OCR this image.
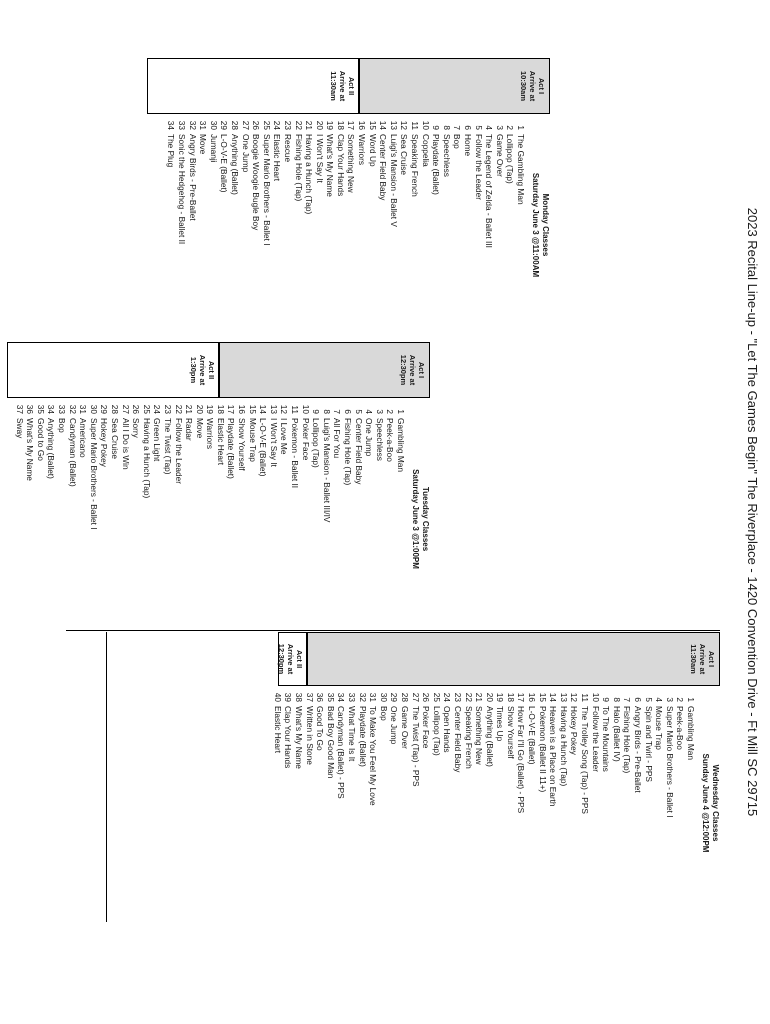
2023 Recital Line-up - "Let The Games Begin" The Riverplace - 1420 Convention Drive - Ft Mill SC 29715
Act I
Arrive at
10:30am
Act II
Arrive at
11:30am
Monday Classes
Saturday June 3 @11:00AM
1The Gambling Man
2Lollipop (Tap)
3Game Over
4The Legend of Zelda - Ballet III
5Follow the Leader
6Home
7Bop
8Speechless
9Playdate (Ballet)
10Coppelia
11Speaking French
12Sea Cruise
13Luigi's Mansion - Ballet V
14Center Field Baby
15Word Up
16Warriors
17Something New
18Clap Your Hands
19What's My Name
20I Won't Say It
21Having a Hunch (Tap)
22Fishing Hole (Tap)
23Rescue
24Elastic Heart
25Super Mario Brothers - Ballet I
26Boogie Woogie Bugle Boy
27One Jump
28Anything (Ballet)
29L-O-V-E (Ballet)
30Jumanji
31Move
32Angry Birds - Pre-Ballet
33Sonic the Hedgehog - Ballet II
34The Plug
Act I
Arrive at
12:30pm
Act II
Arrive at
1:30pm
Tuesday Classes
Saturday June 3 @1:00PM
1Gambling Man
2Peek-a-Boo
3Speechless
4One Jump
5Center Field Baby
6Fishing Hole (Tap)
7All For You
8Luigi's Mansion - Ballet III/IV
9Lollipop (Tap)
10Poker Face
11Pokemon - Ballet II
12I Love Me
13I Won't Say It
14L-O-V-E (Ballet)
15Mouse Trap
16Show Yourself
17Playdate (Ballet)
18Elastic Heart
19Warriors
20Move
21Radar
22Follow the Leader
23The Twist (Tap)
24Green Light
25Having a Hunch (Tap)
26Sorry
27All I Do is Win
28Sea Cruise
29Hokey Pokey
30Super Mario Brothers - Ballet I
31Americano
32Candyman (Ballet)
33Bop
34Anything (Ballet)
35Good to Go
36What's My Name
37Sway
Act I
Arrive at
11:30am
Act II
Arrive at
12:30pm
Wednesday Classes
Sunday June 4 @12:00PM
1Gambling Man
2Peek-a-Boo
3Super Mario Brothers - Ballet I
4Mouse Trap
5Spin and Twirl - PPS
6Angry Birds - Pre-Ballet
7Fishing Hole (Tap)
8Halo (Ballet IV)
9To The Mountains
10Follow the Leader
11The Trolley Song (Tap) - PPS
12Hokey Pokey
13Having a Hunch (Tap)
14Heaven is a Place on Earth
15Pokemon (Ballet II 11+)
16L-O-V-E (Ballet)
17How Far I'll Go (Ballet) - PPS
18Show Yourself
19Times Up
20Anything (Ballet)
21Something New
22Speaking French
23Center Field Baby
24Open Hands
25Lollipop (Tap)
26Poker Face
27The Twist (Tap) - PPS
28Game Over
29One Jump
30Bop
31To Make You Feel My Love
32Playdate (Ballet)
33What Time Is It
34Candyman (Ballet) - PPS
35Bad Boy Good Man
36Good To Go
37Written in Stone
38What's My Name
39Clap Your Hands
40Elastic Heart
